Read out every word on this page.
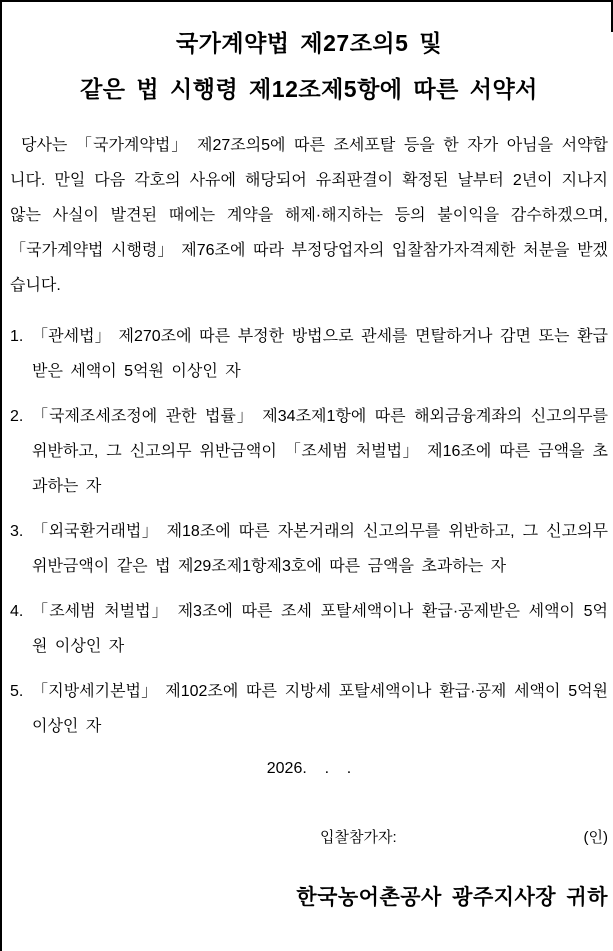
국가계약법 제27조의5 및
같은 법 시행령 제12조제5항에 따른 서약서

당사는 「국가계약법」 제27조의5에 따른 조세포탈 등을 한 자가 아님을 서약합니다. 만일 다음 각호의 사유에 해당되어 유죄판결이 확정된 날부터 2년이 지나지 않는 사실이 발견된 때에는 계약을 해제·해지하는 등의 불이익을 감수하겠으며, 「국가계약법 시행령」 제76조에 따라 부정당업자의 입찰참가자격제한 처분을 받겠습니다.

1. 「관세법」 제270조에 따른 부정한 방법으로 관세를 면탈하거나 감면 또는 환급받은 세액이 5억원 이상인 자
2. 「국제조세조정에 관한 법률」 제34조제1항에 따른 해외금융계좌의 신고의무를 위반하고, 그 신고의무 위반금액이 「조세범 처벌법」 제16조에 따른 금액을 초과하는 자
3. 「외국환거래법」 제18조에 따른 자본거래의 신고의무를 위반하고, 그 신고의무 위반금액이 같은 법 제29조제1항제3호에 따른 금액을 초과하는 자
4. 「조세범 처벌법」 제3조에 따른 조세 포탈세액이나 환급·공제받은 세액이 5억원 이상인 자
5. 「지방세기본법」 제102조에 따른 지방세 포탈세액이나 환급·공제 세액이 5억원 이상인 자
2026.    .    .
입찰참가자:	(인)
한국농어촌공사 광주지사장 귀하
